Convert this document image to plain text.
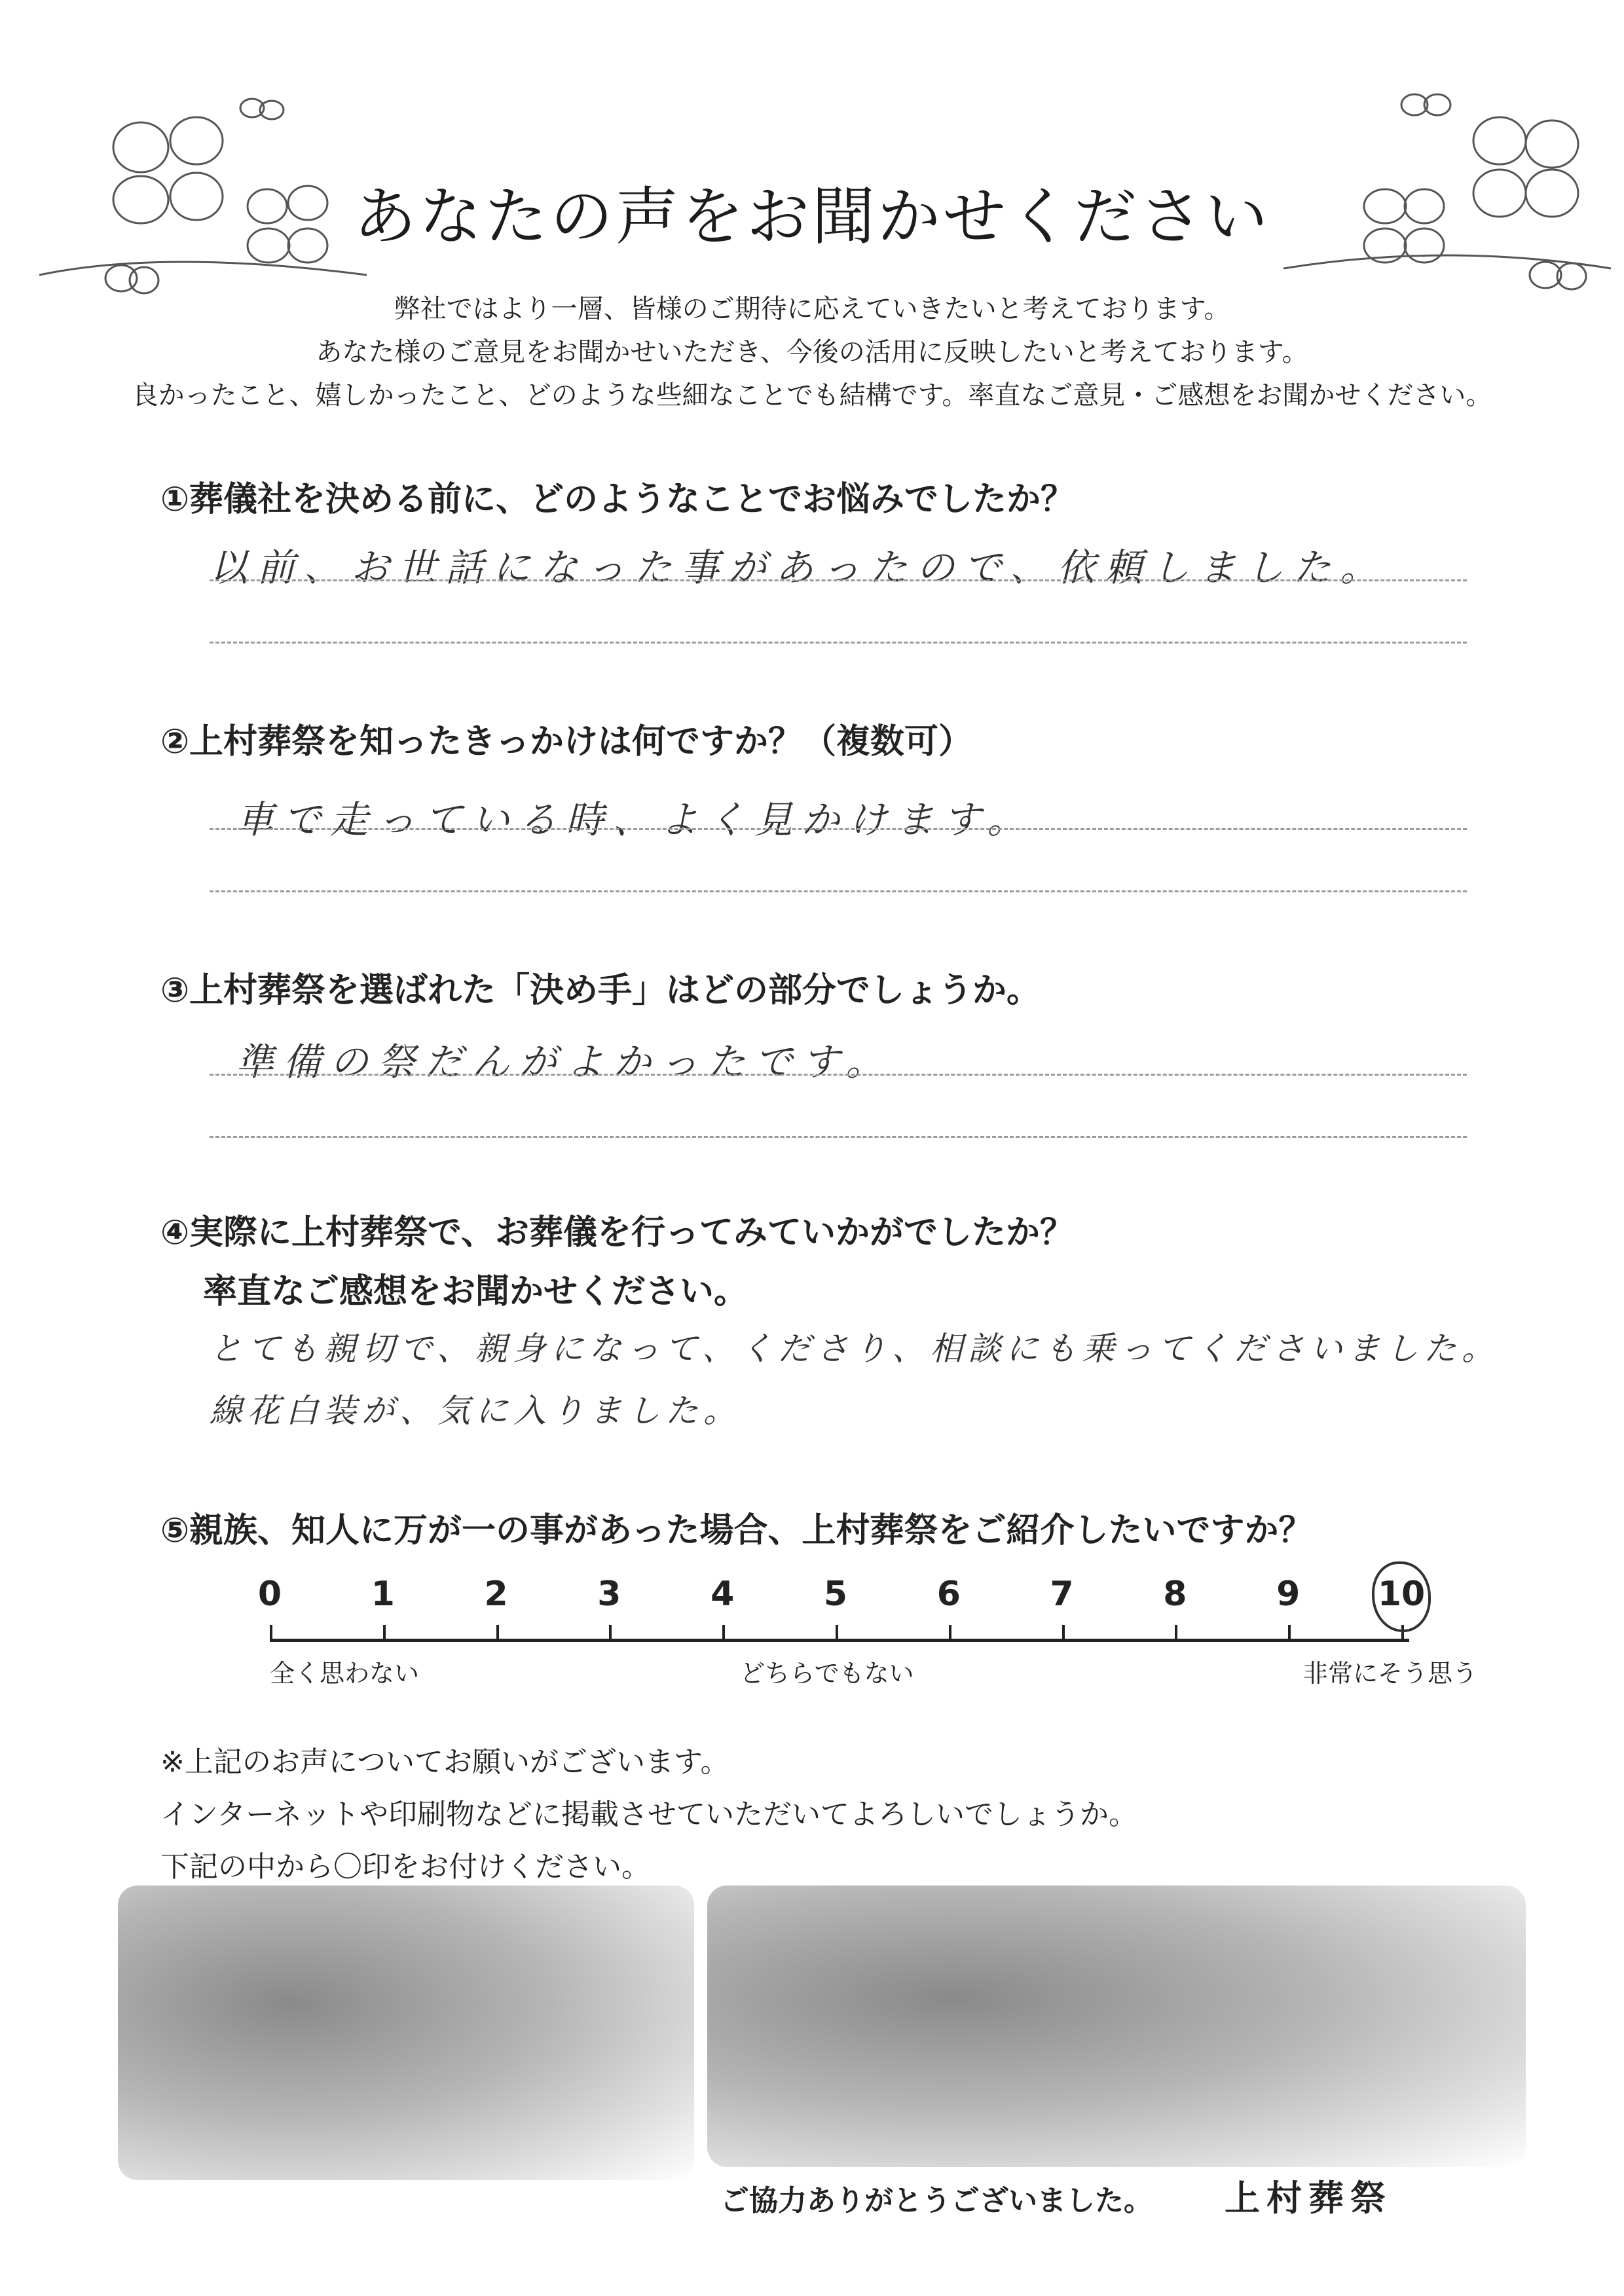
あなたの声をお聞かせください
弊社ではより一層、皆様のご期待に応えていきたいと考えております。
あなた様のご意見をお聞かせいただき、今後の活用に反映したいと考えております。
良かったこと、嬉しかったこと、どのような些細なことでも結構です。率直なご意見・ご感想をお聞かせください。
①葬儀社を決める前に、どのようなことでお悩みでしたか？
以前、お世話になった事があったので、依頼しました。
②上村葬祭を知ったきっかけは何ですか？（複数可）
車で走っている時、よく見かけます。
③上村葬祭を選ばれた「決め手」はどの部分でしょうか。
準備の祭だんがよかったです。
④実際に上村葬祭で、お葬儀を行ってみていかがでしたか？
率直なご感想をお聞かせください。
とても親切で、親身になって、くださり、相談にも乗ってくださいました。
線花白装が、気に入りました。
⑤親族、知人に万が一の事があった場合、上村葬祭をご紹介したいですか？
0	1	2	3	4	5	6	7	8	9	10
全く思わない	どちらでもない	非常にそう思う
※上記のお声についてお願いがございます。
インターネットや印刷物などに掲載させていただいてよろしいでしょうか。
下記の中から〇印をお付けください。
ご協力ありがとうございました。 上村葬祭
